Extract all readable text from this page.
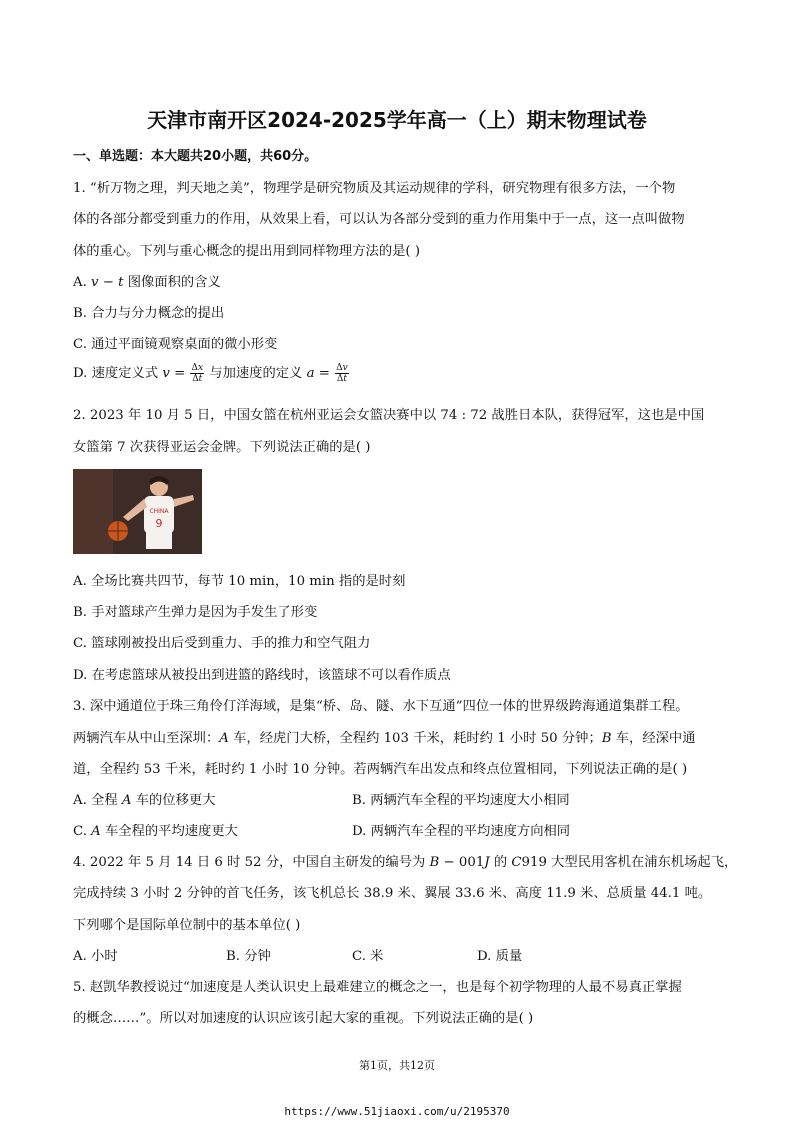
天津市南开区2024-2025学年高一（上）期末物理试卷
一、单选题：本大题共20小题，共60分。
1. “析万物之理，判天地之美”，物理学是研究物质及其运动规律的学科，研究物理有很多方法，一个物
体的各部分都受到重力的作用，从效果上看，可以认为各部分受到的重力作用集中于一点，这一点叫做物
体的重心。下列与重心概念的提出用到同样物理方法的是( )
A. 𝑣 − 𝑡 图像面积的含义
B. 合力与分力概念的提出
C. 通过平面镜观察桌面的微小形变
D. 速度定义式 𝑣 = $\frac{\text{Δ𝑥}}{\text{Δ𝑡}}$ 与加速度的定义 𝑎 = $\frac{\text{Δ𝑣}}{\text{Δ𝑡}}$
2. 2023 年 10 月 5 日，中国女篮在杭州亚运会女篮决赛中以 74 : 72 战胜日本队，获得冠军，这也是中国
女篮第 7 次获得亚运会金牌。下列说法正确的是( )
CHINA
9
A. 全场比赛共四节，每节 10 min，10 min 指的是时刻
B. 手对篮球产生弹力是因为手发生了形变
C. 篮球刚被投出后受到重力、手的推力和空气阻力
D. 在考虑篮球从被投出到进篮的路线时，该篮球不可以看作质点
3. 深中通道位于珠三角伶仃洋海域，是集“桥、岛、隧、水下互通”四位一体的世界级跨海通道集群工程。
两辆汽车从中山至深圳：𝐴 车，经虎门大桥，全程约 103 千米，耗时约 1 小时 50 分钟；𝐵 车，经深中通
道，全程约 53 千米，耗时约 1 小时 10 分钟。若两辆汽车出发点和终点位置相同，下列说法正确的是( )
A. 全程 𝐴 车的位移更大	B. 两辆汽车全程的平均速度大小相同
C. 𝐴 车全程的平均速度更大	D. 两辆汽车全程的平均速度方向相同
4. 2022 年 5 月 14 日 6 时 52 分，中国自主研发的编号为 𝐵 − 001𝐽 的 𝐶919 大型民用客机在浦东机场起飞，
完成持续 3 小时 2 分钟的首飞任务，该飞机总长 38.9 米、翼展 33.6 米、高度 11.9 米、总质量 44.1 吨。
下列哪个是国际单位制中的基本单位( )
A. 小时	B. 分钟	C. 米	D. 质量
5. 赵凯华教授说过“加速度是人类认识史上最难建立的概念之一，也是每个初学物理的人最不易真正掌握
的概念……”。所以对加速度的认识应该引起大家的重视。下列说法正确的是( )
第1页，共12页
https://www.51jiaoxi.com/u/2195370
